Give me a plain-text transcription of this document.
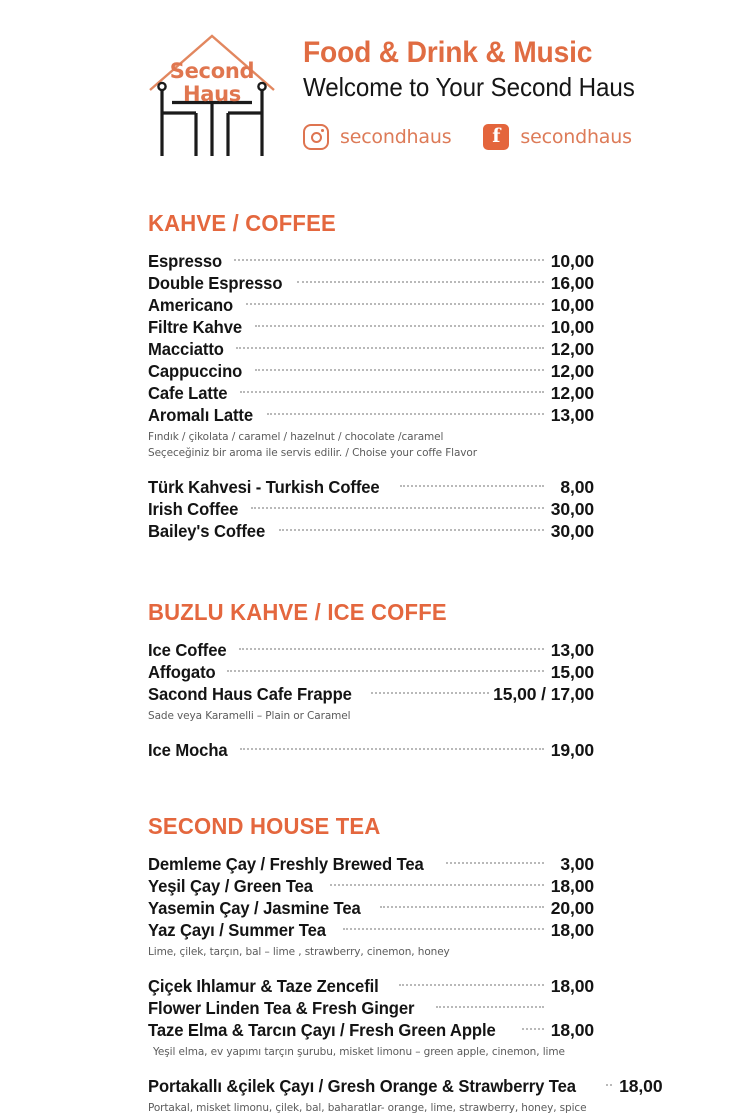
Second
Haus
Food & Drink & Music
Welcome to Your Second Haus
secondhaus f	secondhaus
KAHVE / COFFEE
Espresso	10,00
Double Espresso	16,00
Americano	10,00
Filtre Kahve	10,00
Macciatto	12,00
Cappuccino	12,00
Cafe Latte	12,00
Aromalı Latte	13,00
Fındık / çikolata / caramel / hazelnut / chocolate /caramel
Seçeceğiniz bir aroma ile servis edilir. / Choise your coffe Flavor
Türk Kahvesi - Turkish Coffee	8,00
Irish Coffee	30,00
Bailey's Coffee	30,00
BUZLU KAHVE / ICE COFFE
Ice Coffee	13,00
Affogato	15,00
Sacond Haus Cafe Frappe	15,00 / 17,00
Sade veya Karamelli – Plain or Caramel
Ice Mocha	19,00
SECOND HOUSE TEA
Demleme Çay / Freshly Brewed Tea	3,00
Yeşil Çay / Green Tea	18,00
Yasemin Çay / Jasmine Tea	20,00
Yaz Çayı / Summer Tea	18,00
Lime, çilek, tarçın, bal – lime , strawberry, cinemon, honey
Çiçek Ihlamur & Taze Zencefil	18,00
Flower Linden Tea & Fresh Ginger
Taze Elma & Tarcın Çayı / Fresh Green Apple	18,00
Yeşil elma, ev yapımı tarçın şurubu, misket limonu – green apple, cinemon, lime
Portakallı &çilek Çayı / Gresh Orange & Strawberry Tea	18,00
Portakal, misket limonu, çilek, bal, baharatlar- orange, lime, strawberry, honey, spice
